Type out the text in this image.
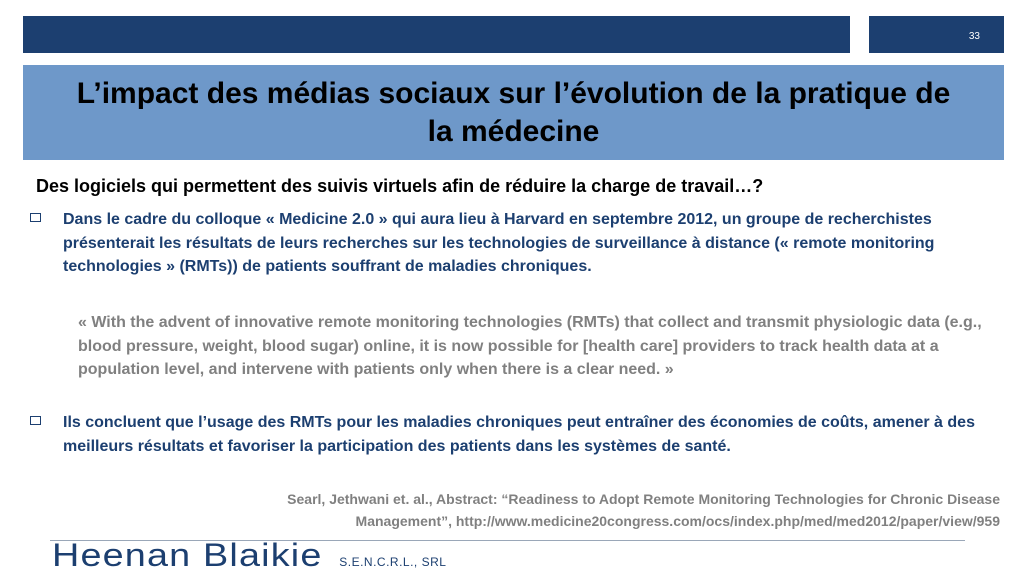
33
L’impact des médias sociaux sur l’évolution de la pratique de la médecine

Des logiciels qui permettent des suivis virtuels afin de réduire la charge de travail…?

Dans le cadre du colloque « Medicine 2.0 » qui aura lieu à Harvard en septembre 2012, un groupe de recherchistes présenterait les résultats de leurs recherches sur les technologies de surveillance à distance (« remote monitoring technologies » (RMTs)) de patients souffrant de maladies chroniques.

« With the advent of innovative remote monitoring technologies (RMTs) that collect and transmit physiologic data (e.g., blood pressure, weight, blood sugar) online, it is now possible for [health care] providers to track health data at a population level, and intervene with patients only when there is a clear need. »

Ils concluent que l’usage des RMTs pour les maladies chroniques peut entraîner des économies de coûts, amener à des meilleurs résultats et favoriser la participation des patients dans les systèmes de santé.

Searl, Jethwani et. al., Abstract: “Readiness to Adopt Remote Monitoring Technologies for Chronic Disease
Management”, http://www.medicine20congress.com/ocs/index.php/med/med2012/paper/view/959

Heenan Blaikie S.E.N.C.R.L., SRL
